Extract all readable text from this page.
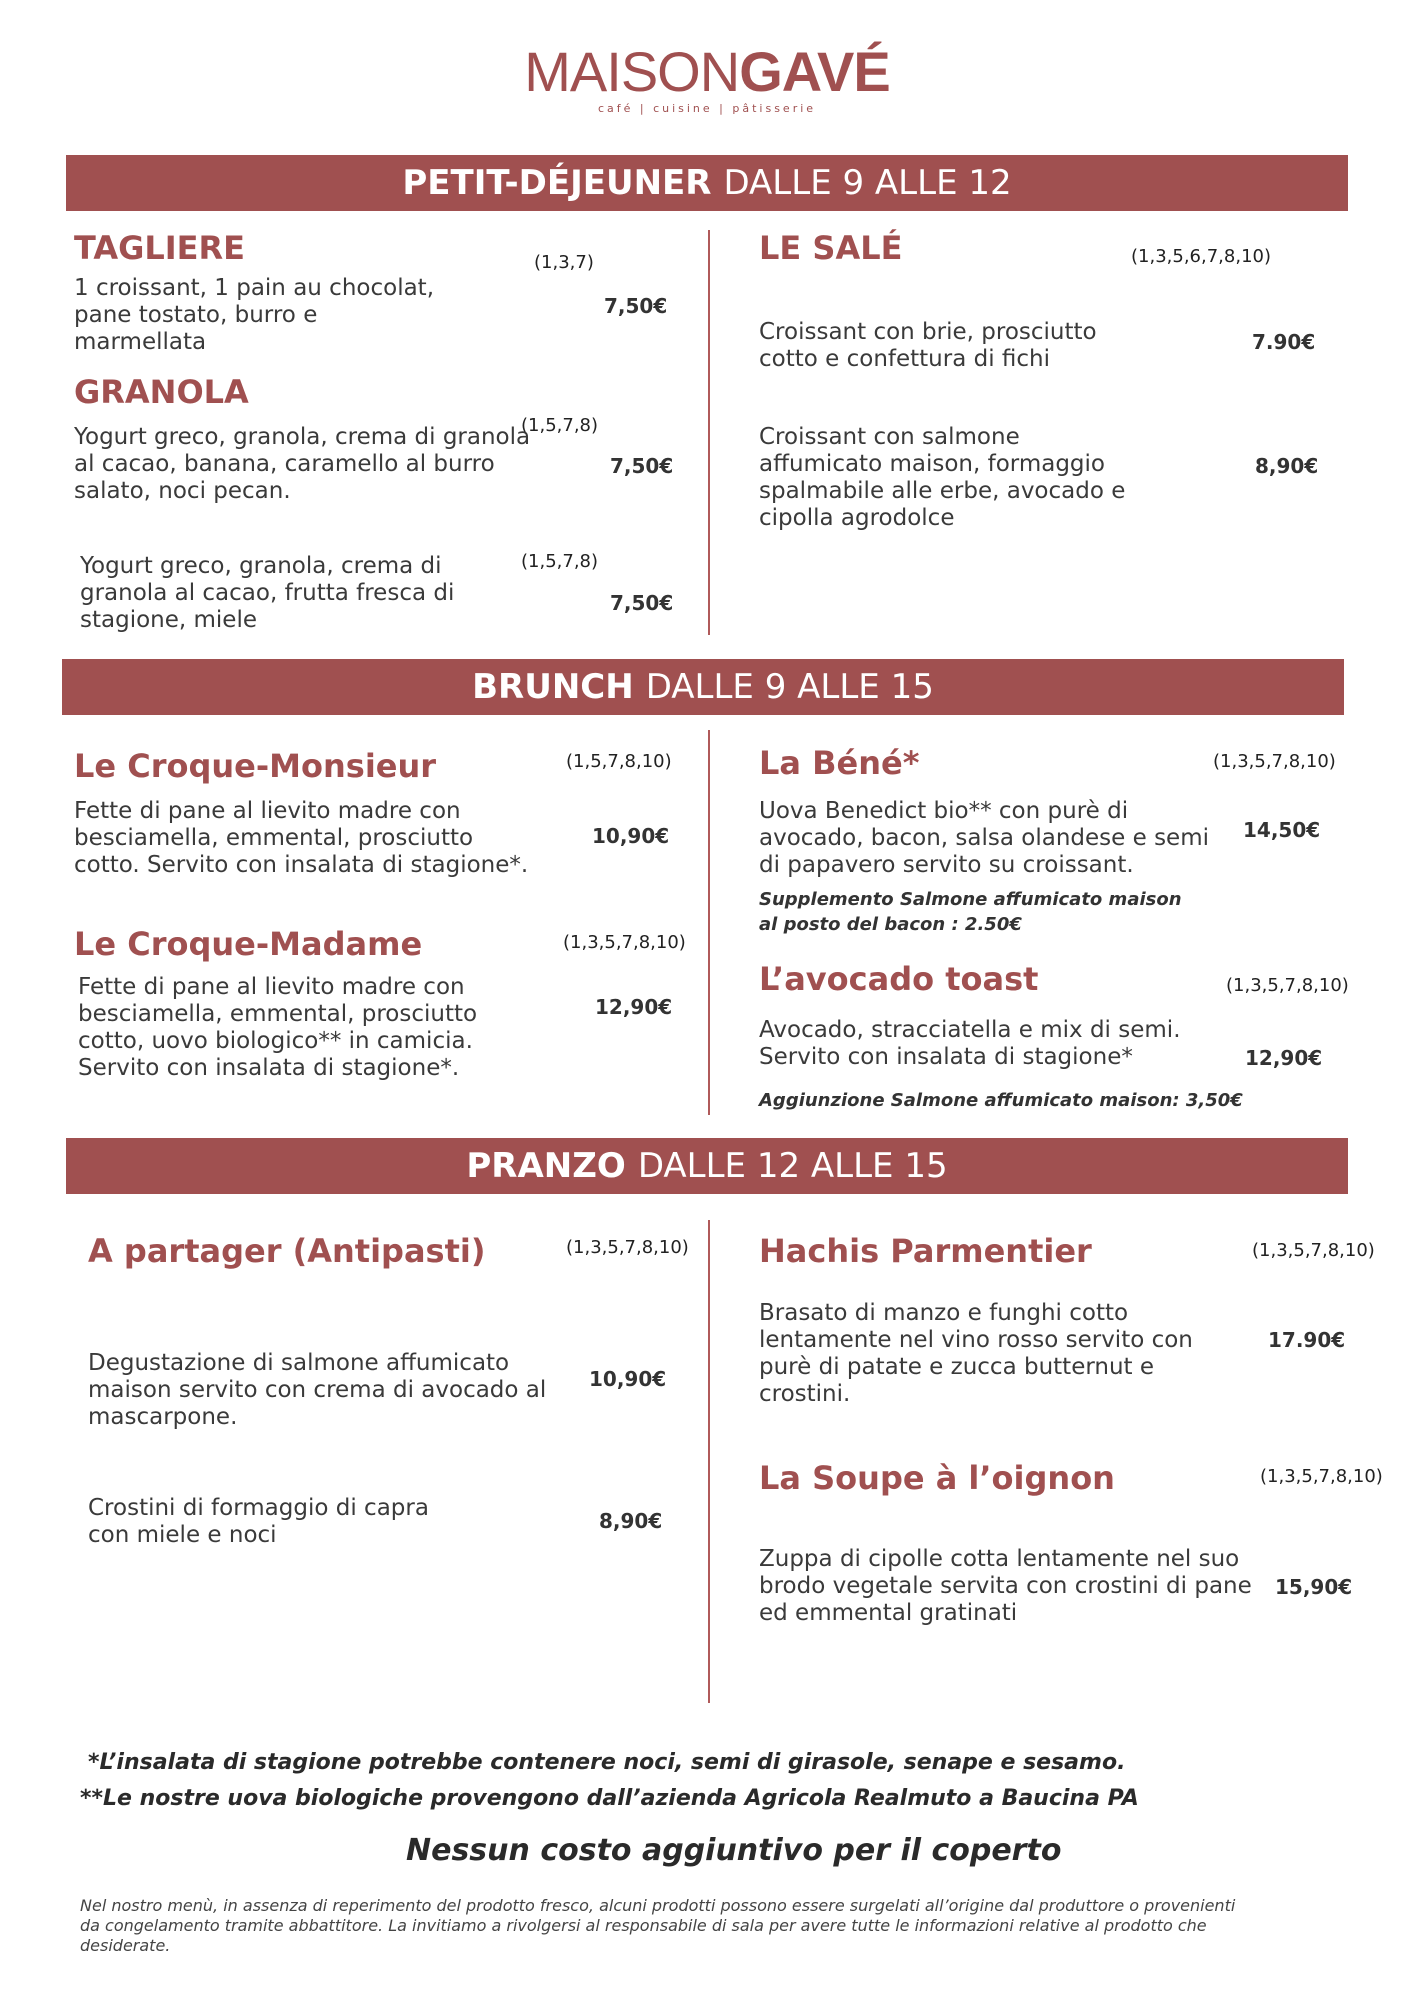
MAISONGAVÉ
café | cuisine | pâtisserie
PETIT-DÉJEUNER DALLE 9 ALLE 12
TAGLIERE	(1,3,7)
1 croissant, 1 pain au chocolat, pane tostato, burro e marmellata
7,50€
GRANOLA
(1,5,7,8)
Yogurt greco, granola, crema di granola al cacao, banana, caramello al burro salato, noci pecan.
7,50€
(1,5,7,8)
Yogurt greco, granola, crema di granola al cacao, frutta fresca di stagione, miele
7,50€
LE SALÉ	(1,3,5,6,7,8,10)
Croissant con brie, prosciutto cotto e confettura di fichi
7.90€
Croissant con salmone affumicato maison, formaggio spalmabile alle erbe, avocado e cipolla agrodolce
8,90€
BRUNCH DALLE 9 ALLE 15
Le Croque-Monsieur	(1,5,7,8,10)
Fette di pane al lievito madre con besciamella, emmental, prosciutto cotto. Servito con insalata di stagione*.
10,90€
Le Croque-Madame	(1,3,5,7,8,10)
Fette di pane al lievito madre con besciamella, emmental, prosciutto cotto, uovo biologico** in camicia. Servito con insalata di stagione*.
12,90€
La Béné*	(1,3,5,7,8,10)
Uova Benedict bio** con purè di avocado, bacon, salsa olandese e semi di papavero servito su croissant.
14,50€
Supplemento Salmone affumicato maison al posto del bacon : 2.50€
L’avocado toast	(1,3,5,7,8,10)
Avocado, stracciatella e mix di semi. Servito con insalata di stagione*	12,90€
Aggiunzione Salmone affumicato maison: 3,50€
PRANZO DALLE 12 ALLE 15
A partager (Antipasti)	(1,3,5,7,8,10)
Degustazione di salmone affumicato maison servito con crema di avocado al mascarpone.
10,90€
Crostini di formaggio di capra con miele e noci
8,90€
Hachis Parmentier	(1,3,5,7,8,10)
Brasato di manzo e funghi cotto lentamente nel vino rosso servito con purè di patate e zucca butternut e crostini.
17.90€
La Soupe à l’oignon	(1,3,5,7,8,10)
Zuppa di cipolle cotta lentamente nel suo brodo vegetale servita con crostini di pane ed emmental gratinati
15,90€
*L’insalata di stagione potrebbe contenere noci, semi di girasole, senape e sesamo.
**Le nostre uova biologiche provengono dall’azienda Agricola Realmuto a Baucina PA
Nessun costo aggiuntivo per il coperto
Nel nostro menù, in assenza di reperimento del prodotto fresco, alcuni prodotti possono essere surgelati all’origine dal produttore o provenienti da congelamento tramite abbattitore. La invitiamo a rivolgersi al responsabile di sala per avere tutte le informazioni relative al prodotto che desiderate.
